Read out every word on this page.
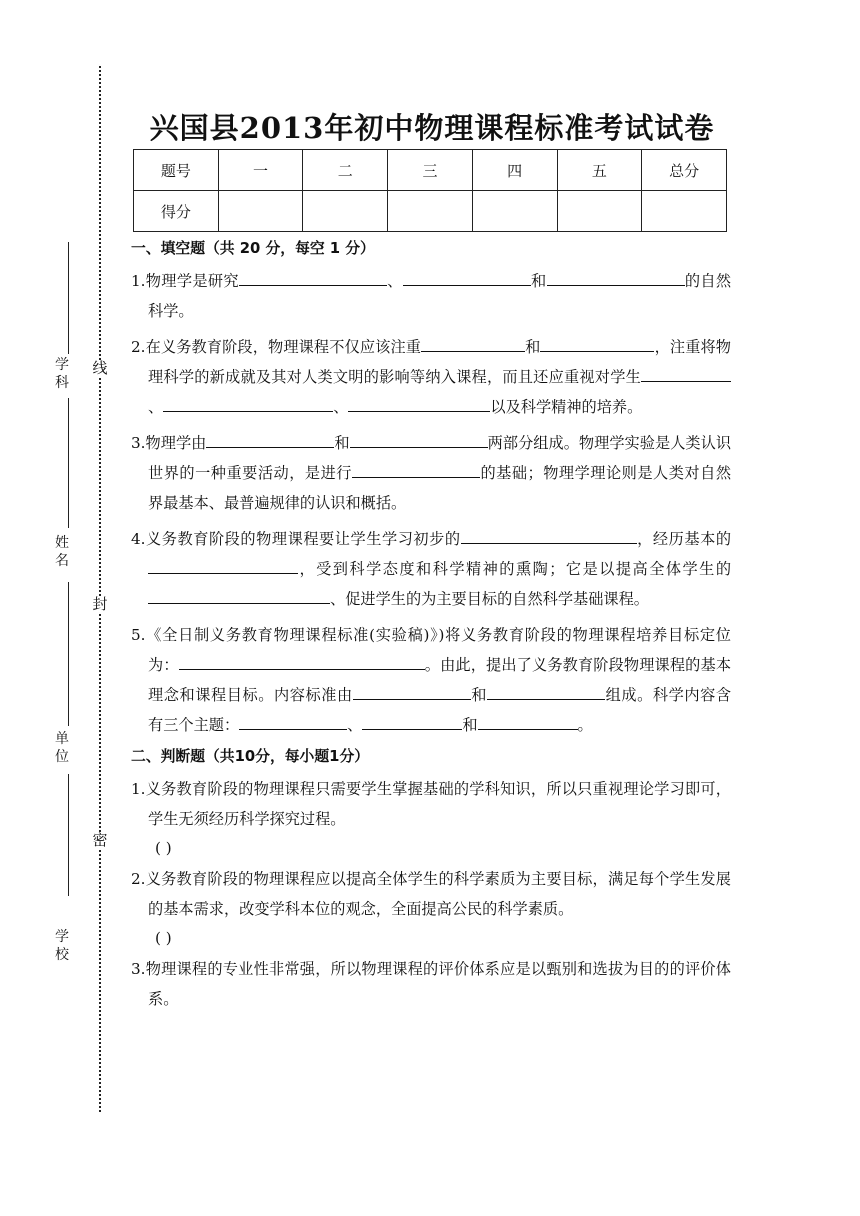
线
封
密
学 科
姓 名
单 位
学校
兴国县2013年初中物理课程标准考试试卷
题号	一	二	三	四	五	总分
得分						
一、填空题（共 20 分，每空 1 分）
1.物理学是研究	、	和	的自然科学。
2.在义务教育阶段，物理课程不仅应该注重	和	，注重将物理科学的新成就及其对人类文明的影响等纳入课程，而且还应重视对学生、	、	以及科学精神的培养。
3.物理学由	和	两部分组成。物理学实验是人类认识世界的一种重要活动，是进行	的基础；物理学理论则是人类对自然界最基本、最普遍规律的认识和概括。
4.义务教育阶段的物理课程要让学生学习初步的	，经历基本的，受到科学态度和科学精神的熏陶；它是以提高全体学生的、促进学生的为主要目标的自然科学基础课程。
5.《全日制义务教育物理课程标准(实验稿)》)将义务教育阶段的物理课程培养目标定位为：	。由此，提出了义务教育阶段物理课程的基本理念和课程目标。内容标准由	和	组成。科学内容含有三个主题：	、	和	。
二、判断题（共10分，每小题1分）
1.义务教育阶段的物理课程只需要学生掌握基础的学科知识，所以只重视理论学习即可，学生无须经历科学探究过程。
( )
2.义务教育阶段的物理课程应以提高全体学生的科学素质为主要目标，满足每个学生发展的基本需求，改变学科本位的观念，全面提高公民的科学素质。
( )
3.物理课程的专业性非常强，所以物理课程的评价体系应是以甄别和选拔为目的的评价体系。
